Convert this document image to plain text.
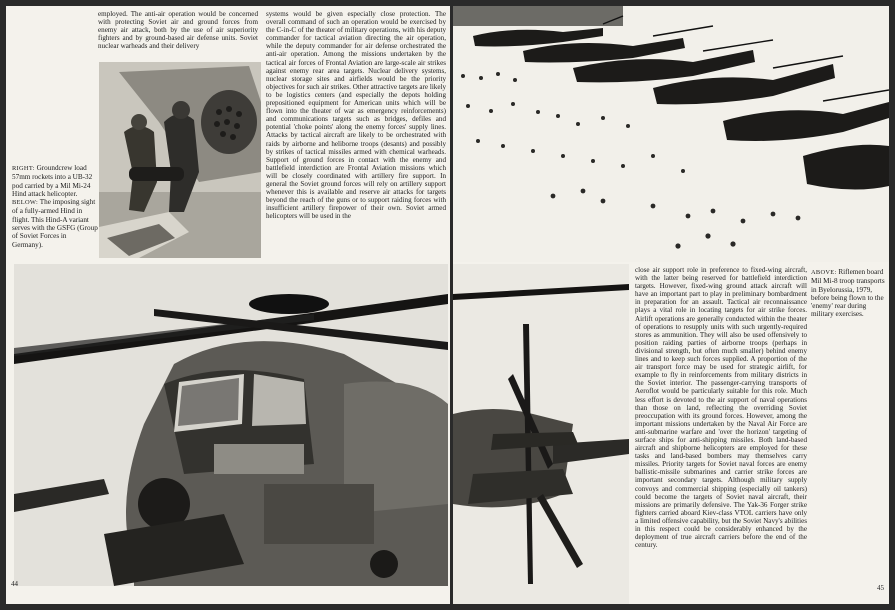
employed. The anti-air operation would be concerned with protecting Soviet air and ground forces from enemy air attack, both by the use of air superiority fighters and by ground-based air defense units. Soviet nuclear warheads and their delivery
systems would be given especially close protection. The overall command of such an operation would be exercised by the C-in-C of the theater of military operations, with his deputy commander for tactical aviation directing the air operation, while the deputy commander for air defense orchestrated the anti-air operation. Among the missions undertaken by the tactical air forces of Frontal Aviation are large-scale air strikes against enemy rear area targets. Nuclear delivery systems, nuclear storage sites and airfields would be the priority objectives for such air strikes. Other attractive targets are likely to be logistics centers (and especially the depots holding prepositioned equipment for American units which will be flown into the theater of war as emergency reinforcements) and communications targets such as bridges, defiles and potential 'choke points' along the enemy forces' supply lines. Attacks by tactical aircraft are likely to be orchestrated with raids by airborne and heliborne troops (desants) and possibly by strikes of tactical missiles armed with chemical warheads. Support of ground forces in contact with the enemy and battlefield interdiction are Frontal Aviation missions which will be closely coordinated with artillery fire support. In general the Soviet ground forces will rely on artillery support whenever this is available and reserve air attacks for targets beyond the reach of the guns or to support raiding forces with insufficient artillery firepower of their own. Soviet armed helicopters will be used in the
RIGHT: Groundcrew load 57mm rockets into a UB-32 pod carried by a Mil Mi-24 Hind attack helicopter.
BELOW: The imposing sight of a fully-armed Hind in flight. This Hind-A variant serves with the GSFG (Group of Soviet Forces in Germany).
44
close air support role in preference to fixed-wing aircraft, with the latter being reserved for battlefield interdiction targets. However, fixed-wing ground attack aircraft will have an important part to play in preliminary bombardment in preparation for an assault. Tactical air reconnaissance plays a vital role in locating targets for air strike forces. Airlift operations are generally conducted within the theater of operations to resupply units with such urgently-required stores as ammunition. They will also be used offensively to position raiding parties of airborne troops (perhaps in divisional strength, but often much smaller) behind enemy lines and to keep such forces supplied. A proportion of the air transport force may be used for strategic airlift, for example to fly in reinforcements from military districts in the Soviet interior. The passenger-carrying transports of Aeroflot would be particularly suitable for this role. Much less effort is devoted to the air support of naval operations than those on land, reflecting the overriding Soviet preoccupation with its ground forces. However, among the important missions undertaken by the Naval Air Force are anti-submarine warfare and 'over the horizon' targeting of surface ships for anti-shipping missiles. Both land-based aircraft and shipborne helicopters are employed for these tasks and land-based bombers may themselves carry missiles. Priority targets for Soviet naval forces are enemy ballistic-missile submarines and carrier strike forces are important secondary targets. Although military supply convoys and commercial shipping (especially oil tankers) could become the targets of Soviet naval aircraft, their missions are primarily defensive. The Yak-36 Forger strike fighters carried aboard Kiev-class VTOL carriers have only a limited offensive capability, but the Soviet Navy's abilities in this respect could be considerably enhanced by the deployment of true aircraft carriers before the end of the century.
ABOVE: Riflemen board Mil Mi-8 troop transports in Byelorussia, 1979, before being flown to the 'enemy' rear during military exercises.
45
